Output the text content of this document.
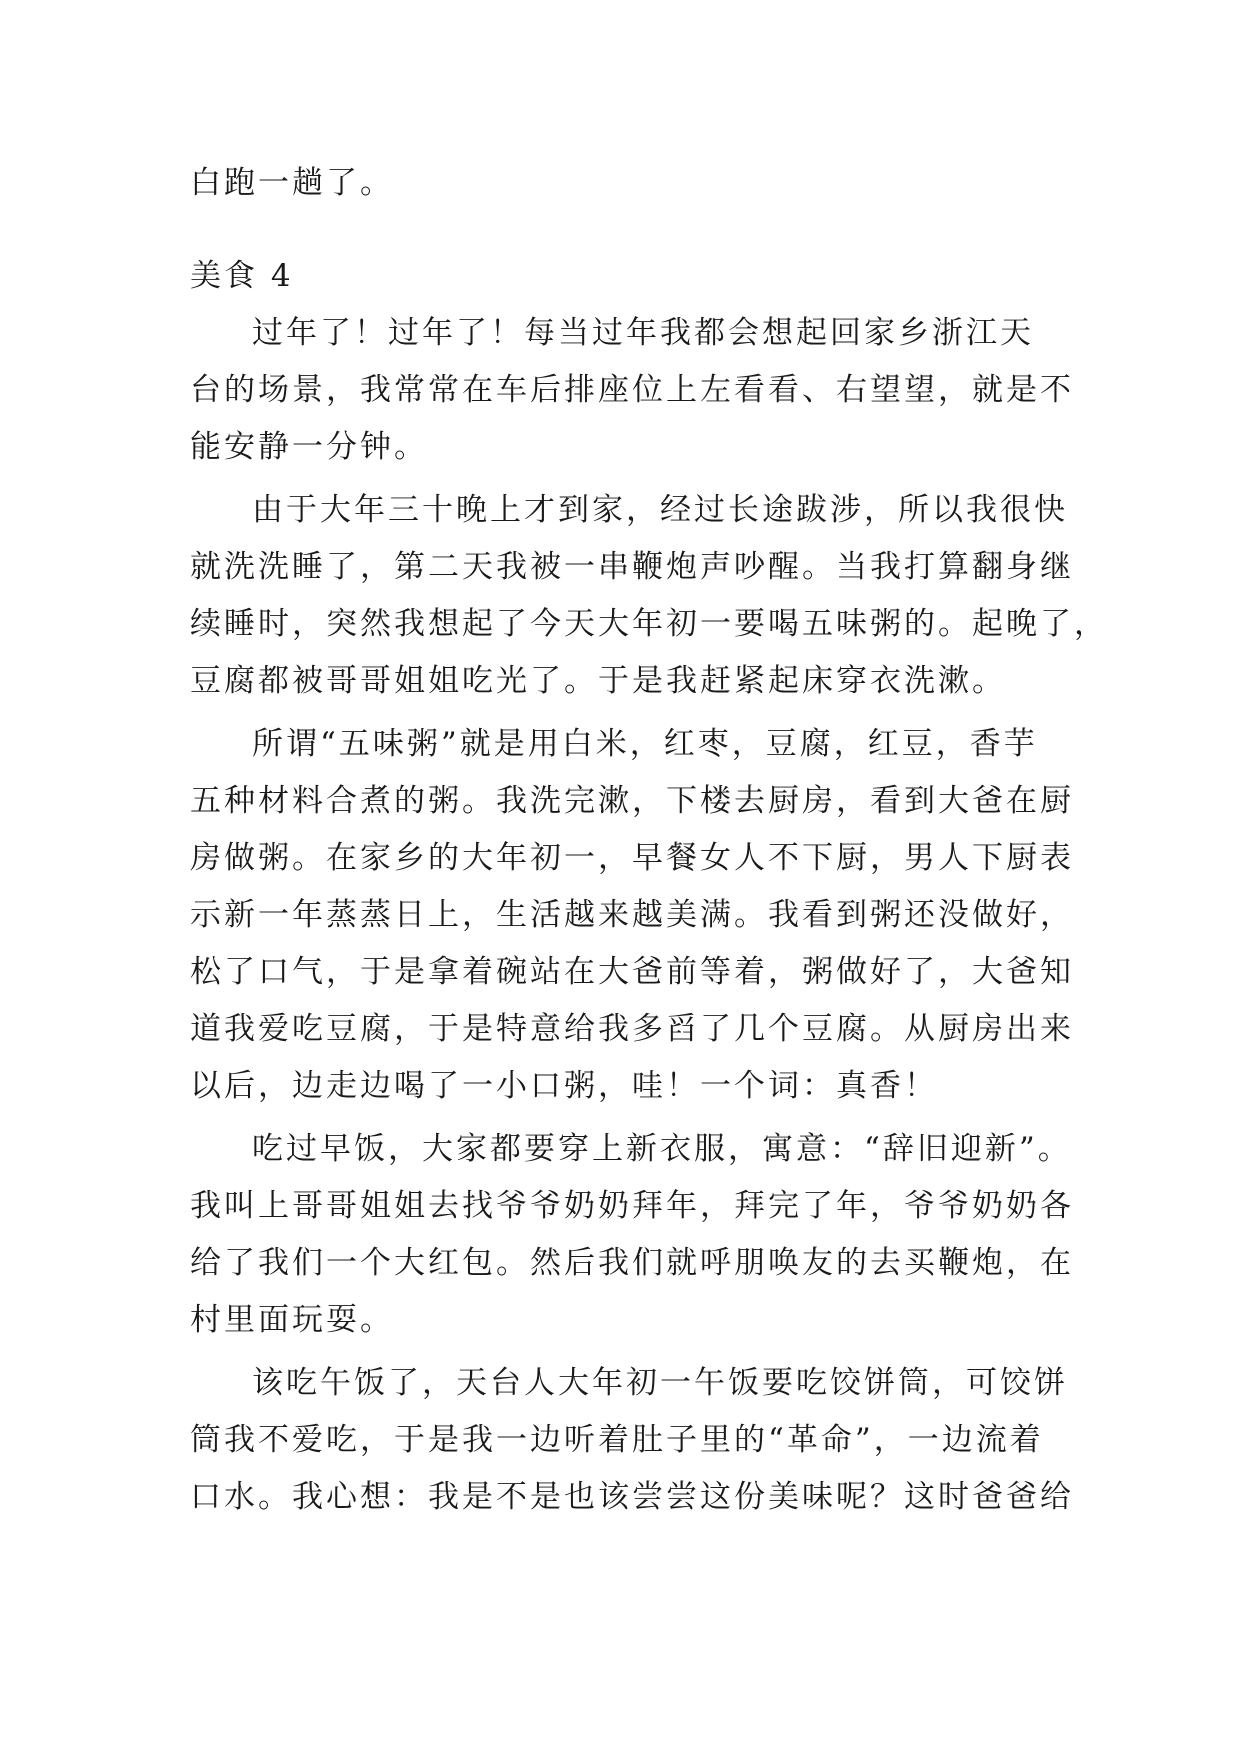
白跑一趟了。

美食 4

过年了！过年了！每当过年我都会想起回家乡浙江天
台的场景，我常常在车后排座位上左看看、右望望，就是不
能安静一分钟。

由于大年三十晚上才到家，经过长途跋涉，所以我很快
就洗洗睡了，第二天我被一串鞭炮声吵醒。当我打算翻身继
续睡时，突然我想起了今天大年初一要喝五味粥的。起晚了，
豆腐都被哥哥姐姐吃光了。于是我赶紧起床穿衣洗漱。

所谓“五味粥”就是用白米，红枣，豆腐，红豆，香芋
五种材料合煮的粥。我洗完漱，下楼去厨房，看到大爸在厨
房做粥。在家乡的大年初一，早餐女人不下厨，男人下厨表
示新一年蒸蒸日上，生活越来越美满。我看到粥还没做好，
松了口气，于是拿着碗站在大爸前等着，粥做好了，大爸知
道我爱吃豆腐，于是特意给我多舀了几个豆腐。从厨房出来
以后，边走边喝了一小口粥，哇！一个词：真香！

吃过早饭，大家都要穿上新衣服，寓意：“辞旧迎新”。
我叫上哥哥姐姐去找爷爷奶奶拜年，拜完了年，爷爷奶奶各
给了我们一个大红包。然后我们就呼朋唤友的去买鞭炮，在
村里面玩耍。

该吃午饭了，天台人大年初一午饭要吃饺饼筒，可饺饼
筒我不爱吃，于是我一边听着肚子里的“革命”，一边流着
口水。我心想：我是不是也该尝尝这份美味呢？这时爸爸给
